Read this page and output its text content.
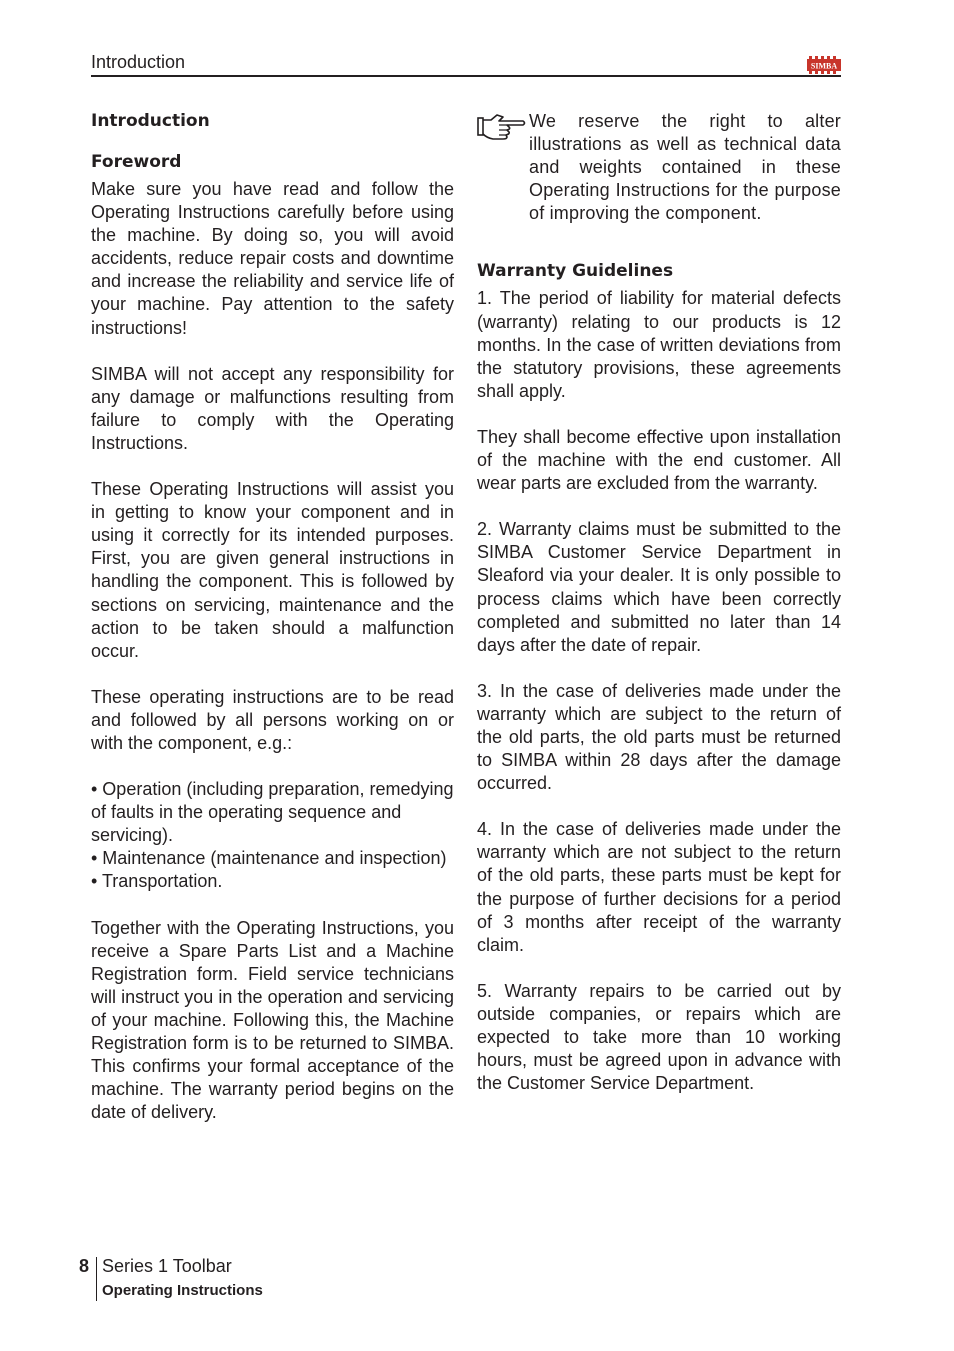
Introduction	SIMBA
Introduction
Foreword

Make sure you have read and follow the Operating Instructions carefully before using the machine. By doing so, you will avoid accidents, reduce repair costs and downtime and increase the reliability and service life of your machine. Pay attention to the safety instructions!

SIMBA will not accept any responsibility for any damage or malfunctions resulting from failure to comply with the Operating Instructions.

These Operating Instructions will assist you in getting to know your component and in using it correctly for its intended purposes. First, you are given general instructions in handling the component. This is followed by sections on servicing, maintenance and the action to be taken should a malfunction occur.

These operating instructions are to be read and followed by all persons working on or with the component, e.g.:

• Operation (including preparation, remedying of faults in the operating sequence and servicing).
• Maintenance (maintenance and inspection)
• Transportation.

Together with the Operating Instructions, you receive a Spare Parts List and a Machine Registration form. Field service technicians will instruct you in the operation and servicing of your machine. Following this, the Machine Registration form is to be returned to SIMBA. This confirms your formal acceptance of the machine. The warranty period begins on the date of delivery.

We reserve the right to alter illustrations as well as technical data and weights contained in these Operating Instructions for the purpose of improving the component.

Warranty Guidelines

1. The period of liability for material defects (warranty) relating to our products is 12 months. In the case of written deviations from the statutory provisions, these agreements shall apply.

They shall become effective upon installation of the machine with the end customer. All wear parts are excluded from the warranty.

2. Warranty claims must be submitted to the SIMBA Customer Service Department in Sleaford via your dealer. It is only possible to process claims which have been correctly completed and submitted no later than 14 days after the date of repair.

3. In the case of deliveries made under the warranty which are subject to the return of the old parts, the old parts must be returned to SIMBA within 28 days after the damage occurred.

4. In the case of deliveries made under the warranty which are not subject to the return of the old parts, these parts must be kept for the purpose of further decisions for a period of 3 months after receipt of the warranty claim.

5. Warranty repairs to be carried out by outside companies, or repairs which are expected to take more than 10 working hours, must be agreed upon in advance with the Customer Service Department.

8 Series 1 Toolbar
Operating Instructions
